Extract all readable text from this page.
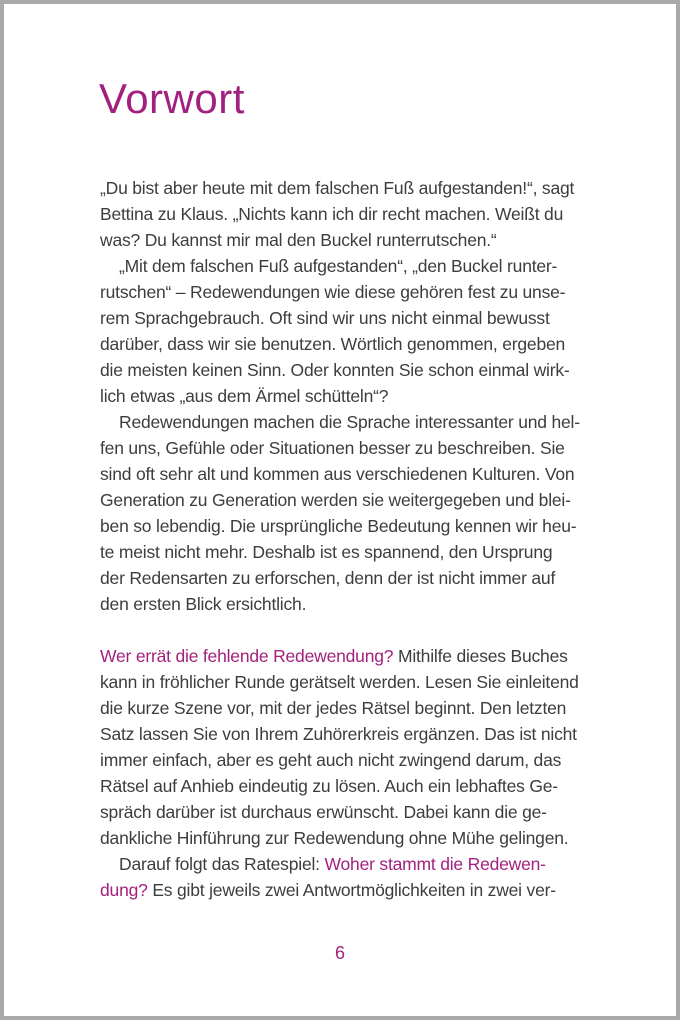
Vorwort
„Du bist aber heute mit dem falschen Fuß aufgestanden!“, sagt
Bettina zu Klaus. „Nichts kann ich dir recht machen. Weißt du
was? Du kannst mir mal den Buckel runterrutschen.“
„Mit dem falschen Fuß aufgestanden“, „den Buckel runter-
rutschen“ – Redewendungen wie diese gehören fest zu unse-
rem Sprachgebrauch. Oft sind wir uns nicht einmal bewusst
darüber, dass wir sie benutzen. Wörtlich genommen, ergeben
die meisten keinen Sinn. Oder konnten Sie schon einmal wirk-
lich etwas „aus dem Ärmel schütteln“?
Redewendungen machen die Sprache interessanter und hel-
fen uns, Gefühle oder Situationen besser zu beschreiben. Sie
sind oft sehr alt und kommen aus verschiedenen Kulturen. Von
Generation zu Generation werden sie weitergegeben und blei-
ben so lebendig. Die ursprüngliche Bedeutung kennen wir heu-
te meist nicht mehr. Deshalb ist es spannend, den Ursprung
der Redensarten zu erforschen, denn der ist nicht immer auf
den ersten Blick ersichtlich.
Wer errät die fehlende Redewendung? Mithilfe dieses Buches
kann in fröhlicher Runde gerätselt werden. Lesen Sie einleitend
die kurze Szene vor, mit der jedes Rätsel beginnt. Den letzten
Satz lassen Sie von Ihrem Zuhörerkreis ergänzen. Das ist nicht
immer einfach, aber es geht auch nicht zwingend darum, das
Rätsel auf Anhieb eindeutig zu lösen. Auch ein lebhaftes Ge-
spräch darüber ist durchaus erwünscht. Dabei kann die ge-
dankliche Hinführung zur Redewendung ohne Mühe gelingen.
Darauf folgt das Ratespiel: Woher stammt die Redewen-
dung? Es gibt jeweils zwei Antwortmöglichkeiten in zwei ver-
6
